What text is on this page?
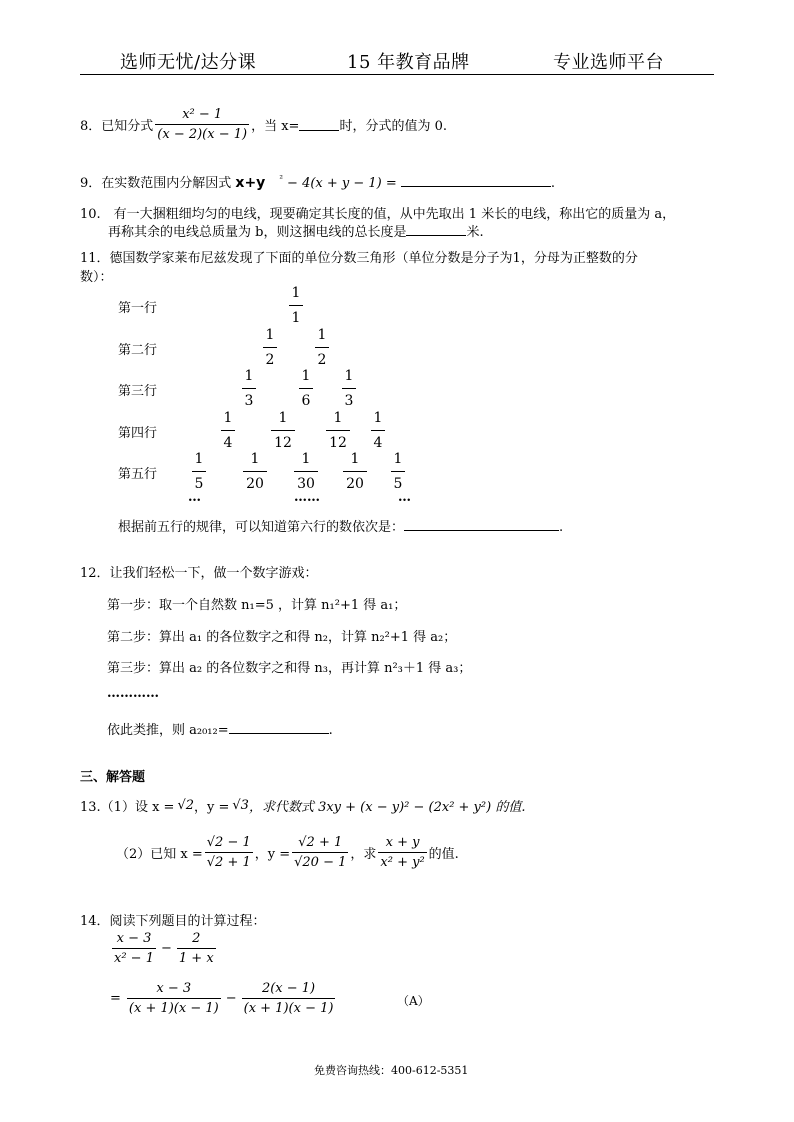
选师无忧/达分课	15 年教育品牌	专业选师平台
8．已知分式 $\frac{\text{x² − 1}}{(x - 2)(x - 1)}$ ，当 x=	时，分式的值为 0.
9．在实数范围内分解因式 x+y $^{^2}$ − 4(x + y − 1) =	.
10.　有一大捆粗细均匀的电线，现要确定其长度的值，从中先取出 1 米长的电线，称出它的质量为 a，
再称其余的电线总质量为 b，则这捆电线的总长度是	米.
11．德国数学家莱布尼兹发现了下面的单位分数三角形（单位分数是分子为1，分母为正整数的分
数）：
第一行
第二行
第三行
第四行
第五行
$\frac{1}{1}$
$\frac{1}{2} \frac{1}{2}$
$\frac{1}{3} \frac{1}{6} \frac{1}{3}$
$\frac{1}{4} \frac{1}{12} \frac{1}{12} \frac{1}{4}$
$\frac{1}{5} \frac{1}{20} \frac{1}{30} \frac{1}{20} \frac{1}{5}$
…	……	…
根据前五行的规律，可以知道第六行的数依次是：	.
12．让我们轻松一下，做一个数字游戏：
第一步：取一个自然数 n₁=5 ，计算 n₁²+1 得 a₁；
第二步：算出 a₁ 的各位数字之和得 n₂，计算 n₂²+1 得 a₂；
第三步：算出 a₂ 的各位数字之和得 n₃，再计算 n²₃＋1 得 a₃；
…………
依此类推，则 a₂₀₁₂=	.
三、解答题
13.（1）设 x = √2 ，y = √3 ，求代数式 3xy + (x − y)² − (2x² + y²) 的值.
（2）已知 $x = \frac{√2 - 1}{√2 + 1}$ ，$y = \frac{√2 + 1}{√20 - 1}$ ，求 $\frac{x + y}{\text{x² + y²}}$ 的值.
14．阅读下列题目的计算过程：
$\frac{x - 3}{\text{x² − 1}} - \frac{2}{1 + x}$
= $\frac{x - 3}{(x + 1)(x - 1)} - \frac{2(x - 1)}{(x + 1)(x - 1)}$	（A）
免费咨询热线：400-612-5351
